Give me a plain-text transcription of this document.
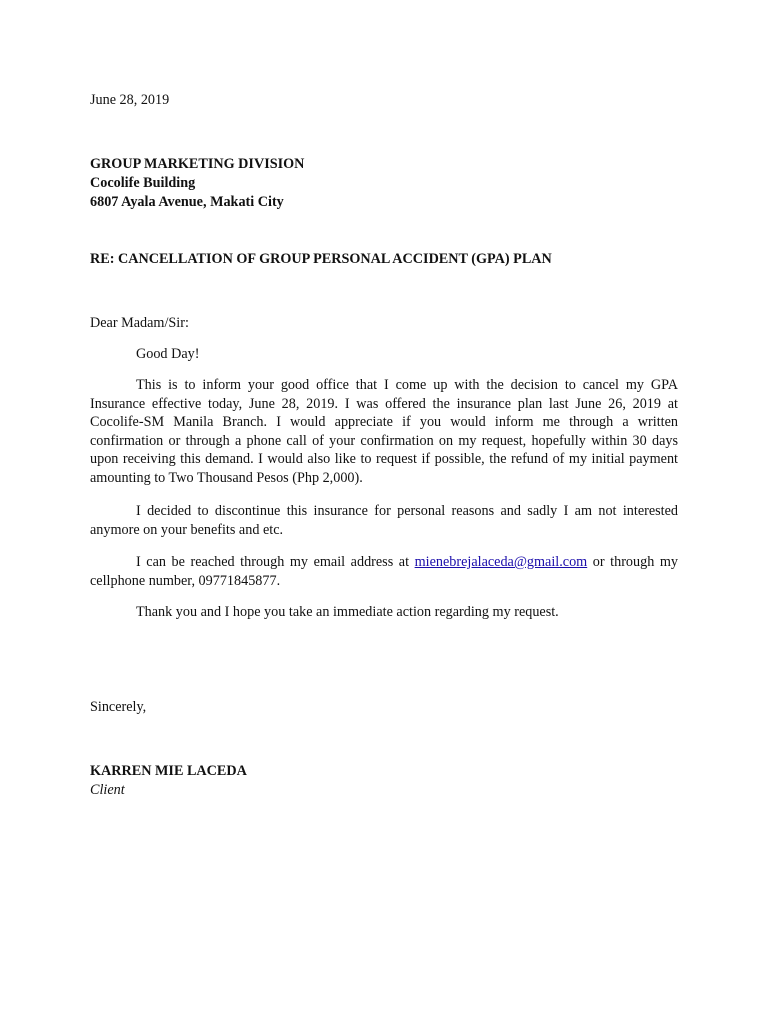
June 28, 2019
GROUP MARKETING DIVISION
Cocolife Building
6807 Ayala Avenue, Makati City
RE: CANCELLATION OF GROUP PERSONAL ACCIDENT (GPA) PLAN
Dear Madam/Sir:
Good Day!
This is to inform your good office that I come up with the decision to cancel my GPA Insurance effective today, June 28, 2019. I was offered the insurance plan last June 26, 2019 at Cocolife-SM Manila Branch. I would appreciate if you would inform me through a written confirmation or through a phone call of your confirmation on my request, hopefully within 30 days upon receiving this demand. I would also like to request if possible, the refund of my initial payment amounting to Two Thousand Pesos (Php 2,000).
I decided to discontinue this insurance for personal reasons and sadly I am not interested anymore on your benefits and etc.
I can be reached through my email address at mienebrejalaceda@gmail.com or through my cellphone number, 09771845877.
Thank you and I hope you take an immediate action regarding my request.
Sincerely,
KARREN MIE LACEDA
Client
